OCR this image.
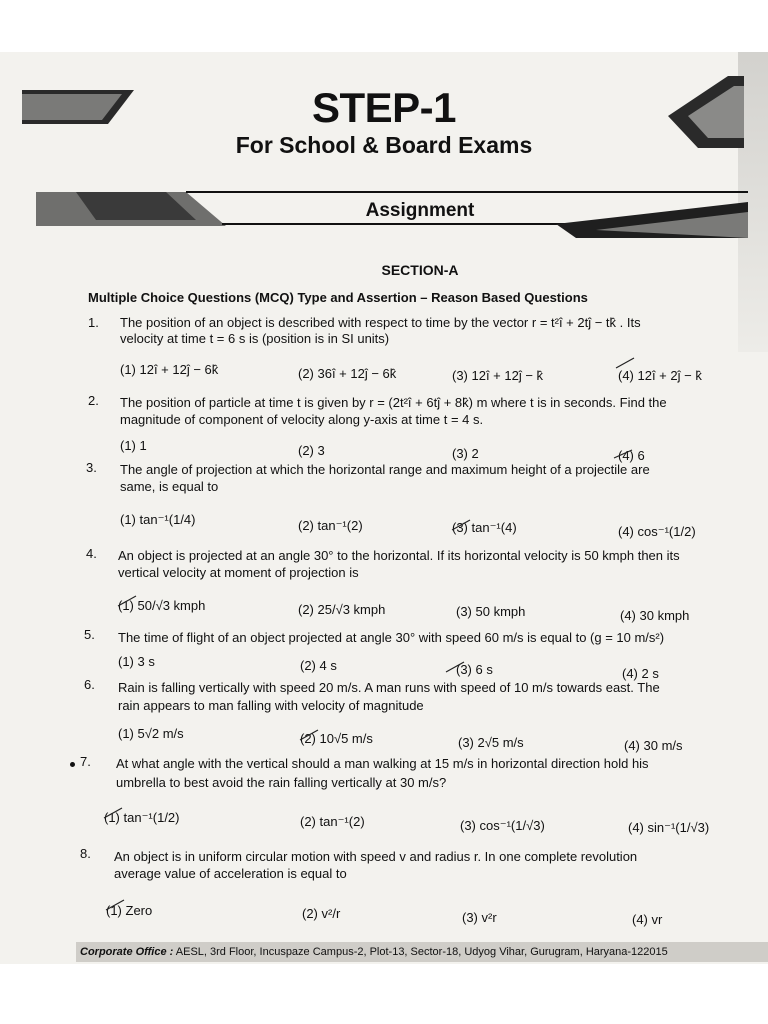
STEP-1
For School & Board Exams
Assignment
SECTION-A

Multiple Choice Questions (MCQ) Type and Assertion – Reason Based Questions

1. The position of an object is described with respect to time by the vector r = t²î + 2tĵ − tk̂ . Its
velocity at time t = 6 s is (position is in SI units)
(1) 12î + 12ĵ − 6k̂	(2) 36î + 12ĵ − 6k̂	(3) 12î + 12ĵ − k̂	(4) 12î + 2ĵ − k̂
2. The position of particle at time t is given by r = (2t²î + 6tĵ + 8k̂) m where t is in seconds. Find the
magnitude of component of velocity along y-axis at time t = 4 s.
(1) 1	(2) 3	(3) 2	(4) 6
3. The angle of projection at which the horizontal range and maximum height of a projectile are
same, is equal to
(1) tan⁻¹(1/4)	(2) tan⁻¹(2)	(3) tan⁻¹(4)	(4) cos⁻¹(1/2)
4. An object is projected at an angle 30° to the horizontal. If its horizontal velocity is 50 kmph then its
vertical velocity at moment of projection is
(1) 50/√3 kmph	(2) 25/√3 kmph	(3) 50 kmph	(4) 30 kmph
5. The time of flight of an object projected at angle 30° with speed 60 m/s is equal to (g = 10 m/s²)
(1) 3 s	(2) 4 s	(3) 6 s	(4) 2 s
6. Rain is falling vertically with speed 20 m/s. A man runs with speed of 10 m/s towards east. The
rain appears to man falling with velocity of magnitude
(1) 5√2 m/s	(2) 10√5 m/s	(3) 2√5 m/s	(4) 30 m/s
7. At what angle with the vertical should a man walking at 15 m/s in horizontal direction hold his
umbrella to best avoid the rain falling vertically at 30 m/s?
(1) tan⁻¹(1/2)	(2) tan⁻¹(2)	(3) cos⁻¹(1/√3)	(4) sin⁻¹(1/√3)
8. An object is in uniform circular motion with speed v and radius r. In one complete revolution
average value of acceleration is equal to
(1) Zero	(2) v²/r	(3) v²r	(4) vr
Corporate Office : AESL, 3rd Floor, Incuspaze Campus-2, Plot-13, Sector-18, Udyog Vihar, Gurugram, Haryana-122015
